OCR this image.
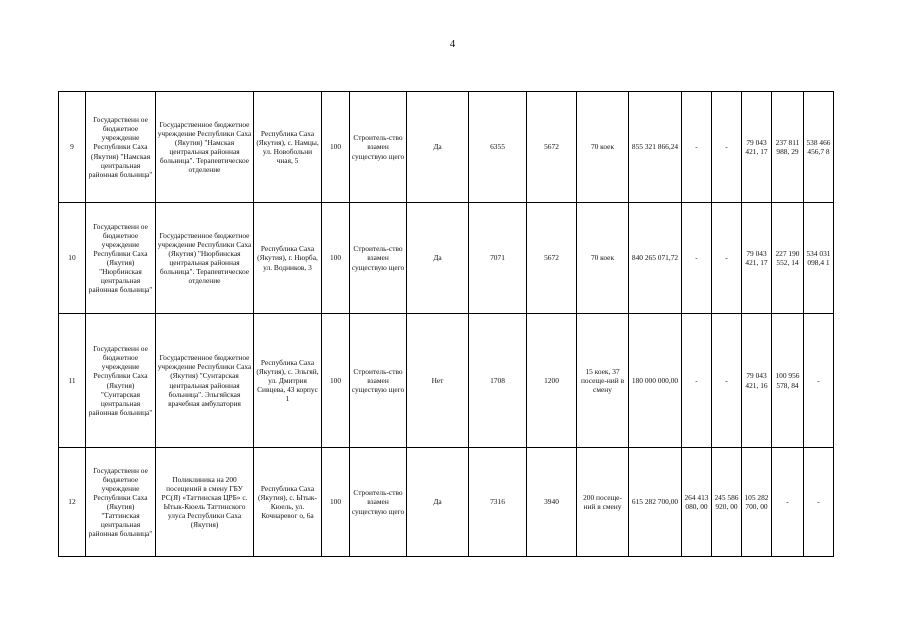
4
9	Государственн ое бюджетное учреждение Республики Саха (Якутия) "Намская центральная районная больница"	Государственное бюджетное учреждение Республики Саха (Якутия) "Намская центральная районная больница". Терапевтическое отделение	Республика Саха (Якутия), с. Намцы, ул. Новобольни чная, 5	100	Строитель-ство взамен существую щего	Да	6355	5672	70 коек	855 321 866,24	-	-	79 043 421, 17	237 811 988, 29	538 466 456,7 8
10	Государственн ое бюджетное учреждение Республики Саха (Якутия) "Нюрбинская центральная районная больница"	Государственное бюджетное учреждение Республики Саха (Якутия) "Нюрбинская центральная районная больница". Терапевтическое отделение	Республика Саха (Якутия), г. Нюрба, ул. Водников, 3	100	Строитель-ство взамен существую щего	Да	7071	5672	70 коек	840 265 071,72	-	-	79 043 421, 17	227 190 552, 14	534 031 098,4 1
11	Государственн ое бюджетное учреждение Республики Саха (Якутия) "Сунтарская центральная районная больница"	Государственное бюджетное учреждение Республики Саха (Якутия) "Сунтарская центральная районная больница". Эльгяйская врачебная амбулатория	Республика Саха (Якутия), с. Эльгяй, ул. Дмитрия Сивцева, 43 корпус 1	100	Строитель-ство взамен существую щего	Нет	1708	1200	15 коек, 37 посеще-ний в смену	180 000 000,00	-	-	79 043 421, 16	100 956 578, 84	-
12	Государственн ое бюджетное учреждение Республики Саха (Якутия) "Таттинская центральная районная больница"	Поликлиника на 200 посещений в смену ГБУ РС(Я) «Таттинская ЦРБ» с. Ытык-Кюель Таттинского улуса Республики Саха (Якутия)	Республика Саха (Якутия), с. Ытык-Кюель, ул. Кочнаревог о, 6а	100	Строитель-ство взамен существую щего	Да	7316	3940	200 посеще-ний в смену	615 282 700,00	264 413 080, 00	245 586 920, 00	105 282 700, 00	-	-
